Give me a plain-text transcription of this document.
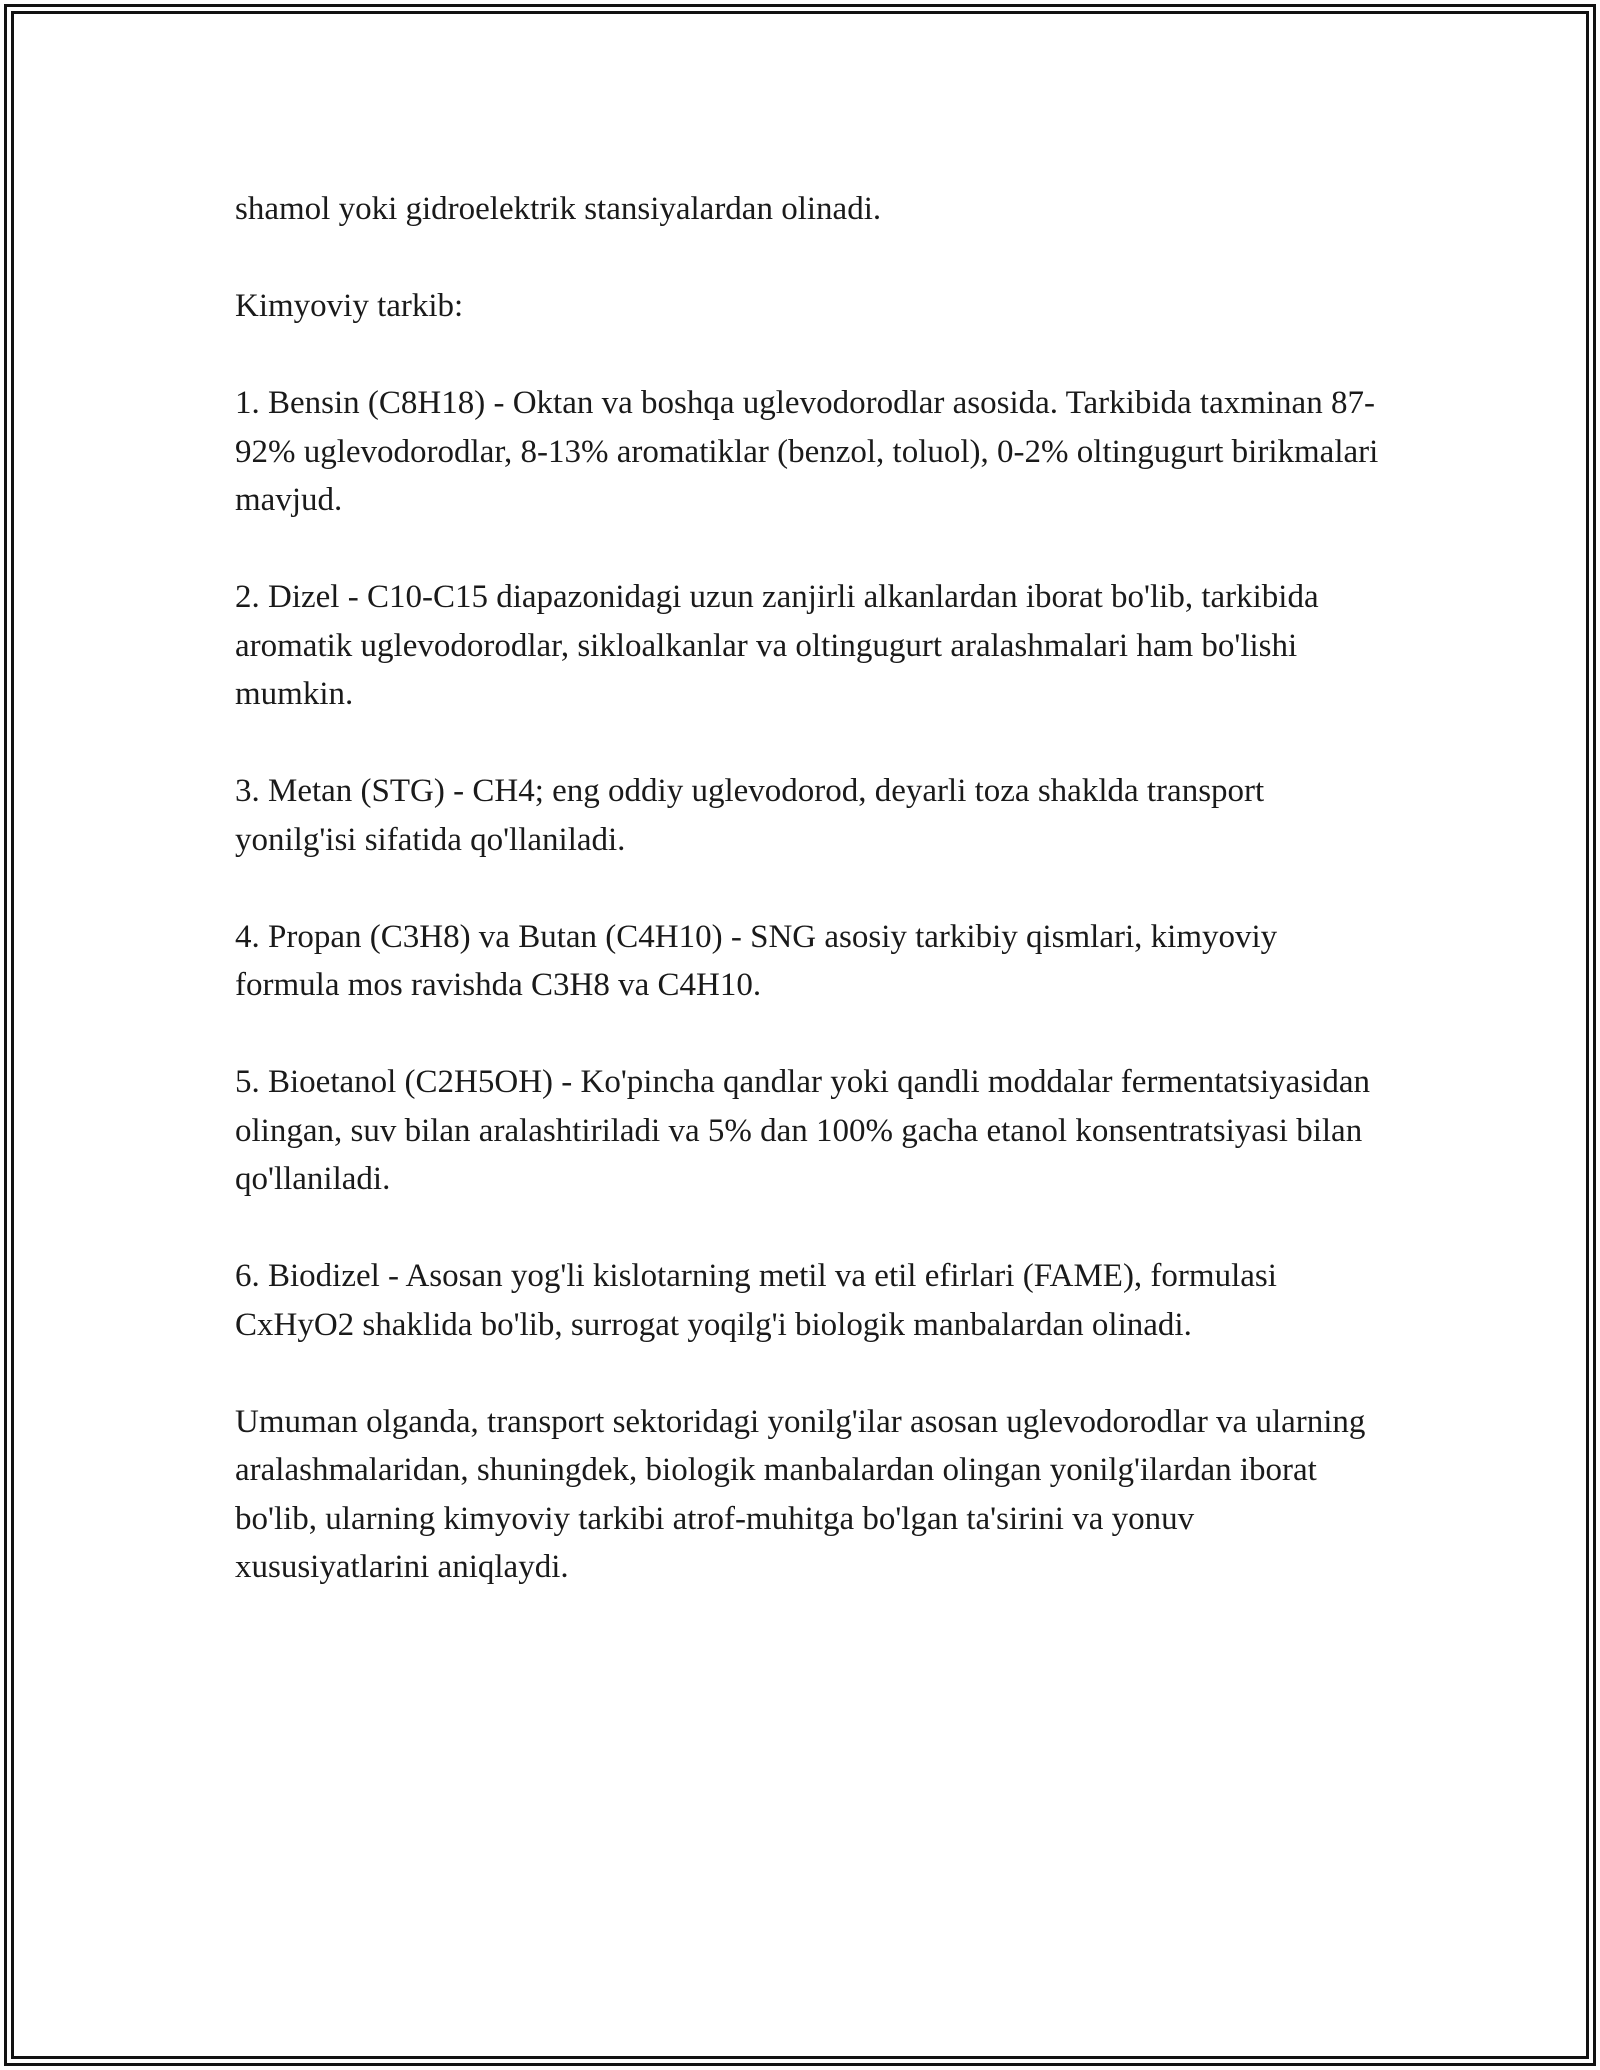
shamol yoki gidroelektrik stansiyalardan olinadi.

Kimyoviy tarkib:

1. Bensin (C8H18) - Oktan va boshqa uglevodorodlar asosida. Tarkibida taxminan 87-92% uglevodorodlar, 8-13% aromatiklar (benzol, toluol), 0-2% oltingugurt birikmalari mavjud.

2. Dizel - C10-C15 diapazonidagi uzun zanjirli alkanlardan iborat bo'lib, tarkibida aromatik uglevodorodlar, sikloalkanlar va oltingugurt aralashmalari ham bo'lishi mumkin.

3. Metan (STG) - CH4; eng oddiy uglevodorod, deyarli toza shaklda transport yonilg'isi sifatida qo'llaniladi.

4. Propan (C3H8) va Butan (C4H10) - SNG asosiy tarkibiy qismlari, kimyoviy formula mos ravishda C3H8 va C4H10.

5. Bioetanol (C2H5OH) - Ko'pincha qandlar yoki qandli moddalar fermentatsiyasidan olingan, suv bilan aralashtiriladi va 5% dan 100% gacha etanol konsentratsiyasi bilan qo'llaniladi.

6. Biodizel - Asosan yog'li kislotarning metil va etil efirlari (FAME), formulasi CxHyO2 shaklida bo'lib, surrogat yoqilg'i biologik manbalardan olinadi.

Umuman olganda, transport sektoridagi yonilg'ilar asosan uglevodorodlar va ularning aralashmalaridan, shuningdek, biologik manbalardan olingan yonilg'ilardan iborat bo'lib, ularning kimyoviy tarkibi atrof-muhitga bo'lgan ta'sirini va yonuv xususiyatlarini aniqlaydi.
